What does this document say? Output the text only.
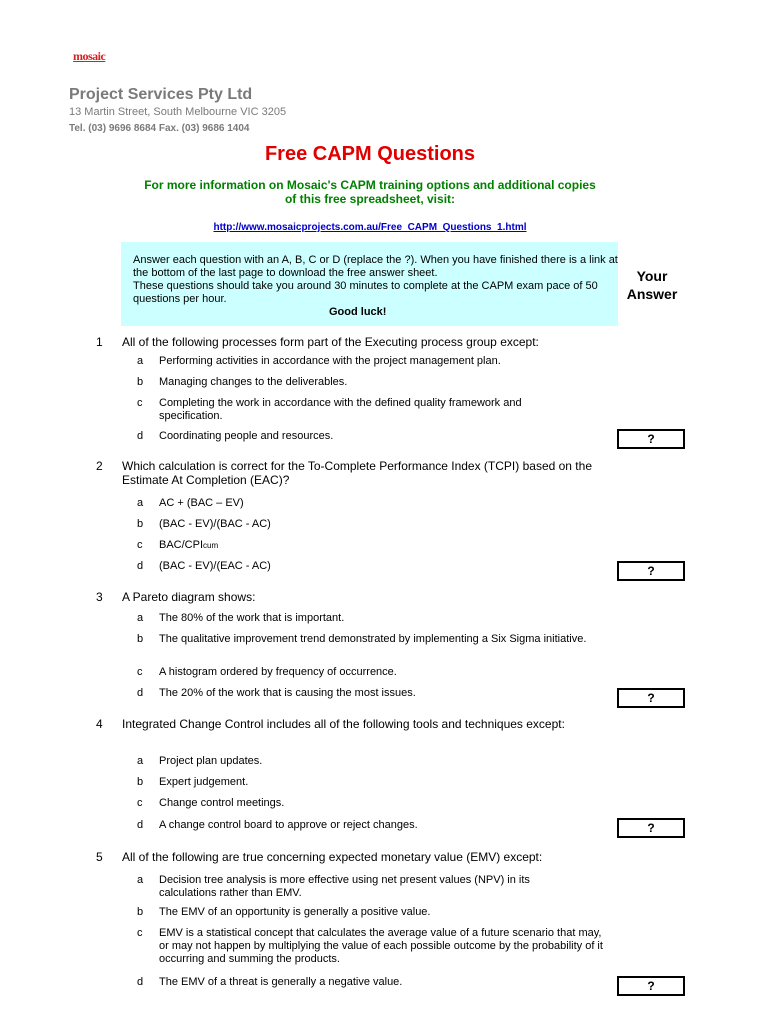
mosaic
Project Services Pty Ltd
13 Martin Street, South Melbourne VIC 3205
Tel. (03) 9696 8684 Fax. (03) 9686 1404
Free CAPM Questions
For more information on Mosaic's CAPM training options and additional copies
of this free spreadsheet, visit:
http://www.mosaicprojects.com.au/Free_CAPM_Questions_1.html

Answer each question with an A, B, C or D (replace the ?). When you have finished there is a link at the bottom of the last page to download the free answer sheet.

These questions should take you around 30 minutes to complete at the CAPM exam pace of 50 questions per hour.
Good luck!

Your
Answer
1 All of the following processes form part of the Executing process group except:
a Performing activities in accordance with the project management plan.
b Managing changes to the deliverables.
c Completing the work in accordance with the defined quality framework and specification.
d Coordinating people and resources.	?
2 Which calculation is correct for the To-Complete Performance Index (TCPI) based on the Estimate At Completion (EAC)?
a AC + (BAC – EV)
b (BAC - EV)/(BAC - AC)
c BAC/CPIcum
d (BAC - EV)/(EAC - AC)	?
3 A Pareto diagram shows:
a The 80% of the work that is important.
b The qualitative improvement trend demonstrated by implementing a Six Sigma initiative.
c A histogram ordered by frequency of occurrence.
d The 20% of the work that is causing the most issues.	?
4 Integrated Change Control includes all of the following tools and techniques except:
a Project plan updates.
b Expert judgement.
c Change control meetings.
d A change control board to approve or reject changes.	?
5 All of the following are true concerning expected monetary value (EMV) except:
a Decision tree analysis is more effective using net present values (NPV) in its calculations rather than EMV.
b The EMV of an opportunity is generally a positive value.
c EMV is a statistical concept that calculates the average value of a future scenario that may, or may not happen by multiplying the value of each possible outcome by the probability of it occurring and summing the products.
d The EMV of a threat is generally a negative value.	?
